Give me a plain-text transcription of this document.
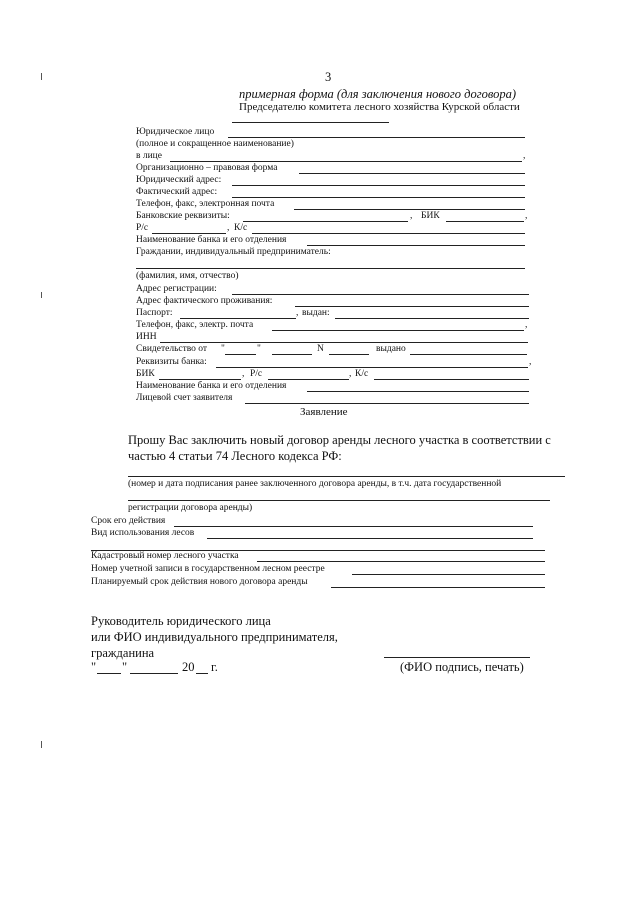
3
примерная форма (для заключения нового договора)
Председателю комитета лесного хозяйства Курской области
Юридическое лицо
(полное и сокращенное наименование)
в лице	,
Организационно – правовая форма
Юридический адрес:
Фактический адрес:
Телефон, факс, электронная почта
Банковские реквизиты:	, БИК	,
Р/с	, К/с
Наименование банка и его отделения
Граждании, индивидуальный предприниматель:
(фамилия, имя, отчество)
Адрес регистрации:
Адрес фактического проживания:
Паспорт:	, выдан:
Телефон, факс, электр. почта	,
ИНН
Свидетельство от "	"	N	выдано
Реквизиты банка:	,
БИК	, Р/с	, К/с
Наименование банка и его отделения
Лицевой счет заявителя
Заявление
Прошу Вас заключить новый договор аренды лесного участка в соответствии с
частью 4 статьи 74 Лесного кодекса РФ:
(номер и дата подписания ранее заключенного договора аренды, в т.ч. дата государственной
регистрации договора аренды)
Срок его действия
Вид использования лесов
Кадастровый номер лесного участка
Номер учетной записи в государственном лесном реестре
Планируемый срок действия нового договора аренды
Руководитель юридического лица
или ФИО индивидуального предпринимателя,
гражданина
" "	20 г.	(ФИО подпись, печать)
